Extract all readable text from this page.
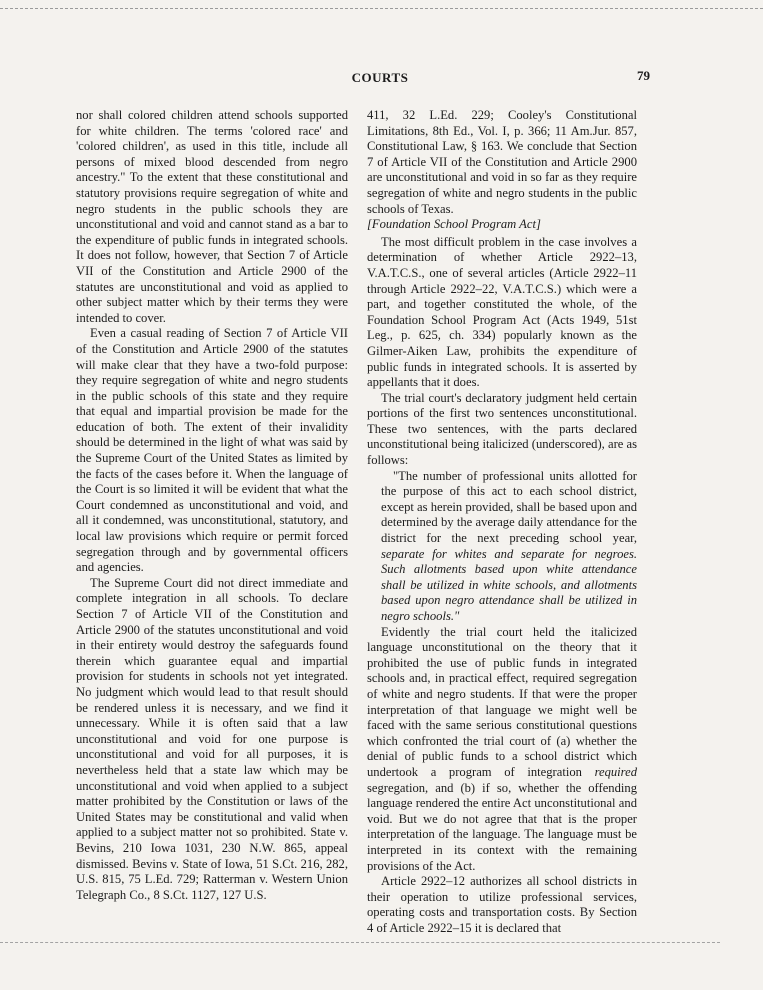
COURTS	79

nor shall colored children attend schools supported for white children. The terms 'colored race' and 'colored children', as used in this title, include all persons of mixed blood descended from negro ancestry." To the extent that these constitutional and statutory provisions require segregation of white and negro students in the public schools they are unconstitutional and void and cannot stand as a bar to the expenditure of public funds in integrated schools. It does not follow, however, that Section 7 of Article VII of the Constitution and Article 2900 of the statutes are unconstitutional and void as applied to other subject matter which by their terms they were intended to cover.

Even a casual reading of Section 7 of Article VII of the Constitution and Article 2900 of the statutes will make clear that they have a two-fold purpose: they require segregation of white and negro students in the public schools of this state and they require that equal and impartial provision be made for the education of both. The extent of their invalidity should be determined in the light of what was said by the Supreme Court of the United States as limited by the facts of the cases before it. When the language of the Court is so limited it will be evident that what the Court condemned as unconstitutional and void, and all it condemned, was unconstitutional, statutory, and local law provisions which require or permit forced segregation through and by governmental officers and agencies.

The Supreme Court did not direct immediate and complete integration in all schools. To declare Section 7 of Article VII of the Constitution and Article 2900 of the statutes unconstitutional and void in their entirety would destroy the safeguards found therein which guarantee equal and impartial provision for students in schools not yet integrated. No judgment which would lead to that result should be rendered unless it is necessary, and we find it unnecessary. While it is often said that a law unconstitutional and void for one purpose is unconstitutional and void for all purposes, it is nevertheless held that a state law which may be unconstitutional and void when applied to a subject matter prohibited by the Constitution or laws of the United States may be constitutional and valid when applied to a subject matter not so prohibited. State v. Bevins, 210 Iowa 1031, 230 N.W. 865, appeal dismissed. Bevins v. State of Iowa, 51 S.Ct. 216, 282, U.S. 815, 75 L.Ed. 729; Ratterman v. Western Union Telegraph Co., 8 S.Ct. 1127, 127 U.S.

411, 32 L.Ed. 229; Cooley's Constitutional Limitations, 8th Ed., Vol. I, p. 366; 11 Am.Jur. 857, Constitutional Law, § 163. We conclude that Section 7 of Article VII of the Constitution and Article 2900 are unconstitutional and void in so far as they require segregation of white and negro students in the public schools of Texas.

[Foundation School Program Act]

The most difficult problem in the case involves a determination of whether Article 2922–13, V.A.T.C.S., one of several articles (Article 2922–11 through Article 2922–22, V.A.T.C.S.) which were a part, and together constituted the whole, of the Foundation School Program Act (Acts 1949, 51st Leg., p. 625, ch. 334) popularly known as the Gilmer-Aiken Law, prohibits the expenditure of public funds in integrated schools. It is asserted by appellants that it does.

The trial court's declaratory judgment held certain portions of the first two sentences unconstitutional. These two sentences, with the parts declared unconstitutional being italicized (underscored), are as follows:

"The number of professional units allotted for the purpose of this act to each school district, except as herein provided, shall be based upon and determined by the average daily attendance for the district for the next preceding school year, separate for whites and separate for negroes. Such allotments based upon white attendance shall be utilized in white schools, and allotments based upon negro attendance shall be utilized in negro schools."

Evidently the trial court held the italicized language unconstitutional on the theory that it prohibited the use of public funds in integrated schools and, in practical effect, required segregation of white and negro students. If that were the proper interpretation of that language we might well be faced with the same serious constitutional questions which confronted the trial court of (a) whether the denial of public funds to a school district which undertook a program of integration required segregation, and (b) if so, whether the offending language rendered the entire Act unconstitutional and void. But we do not agree that that is the proper interpretation of the language. The language must be interpreted in its context with the remaining provisions of the Act.

Article 2922–12 authorizes all school districts in their operation to utilize professional services, operating costs and transportation costs. By Section 4 of Article 2922–15 it is declared that
